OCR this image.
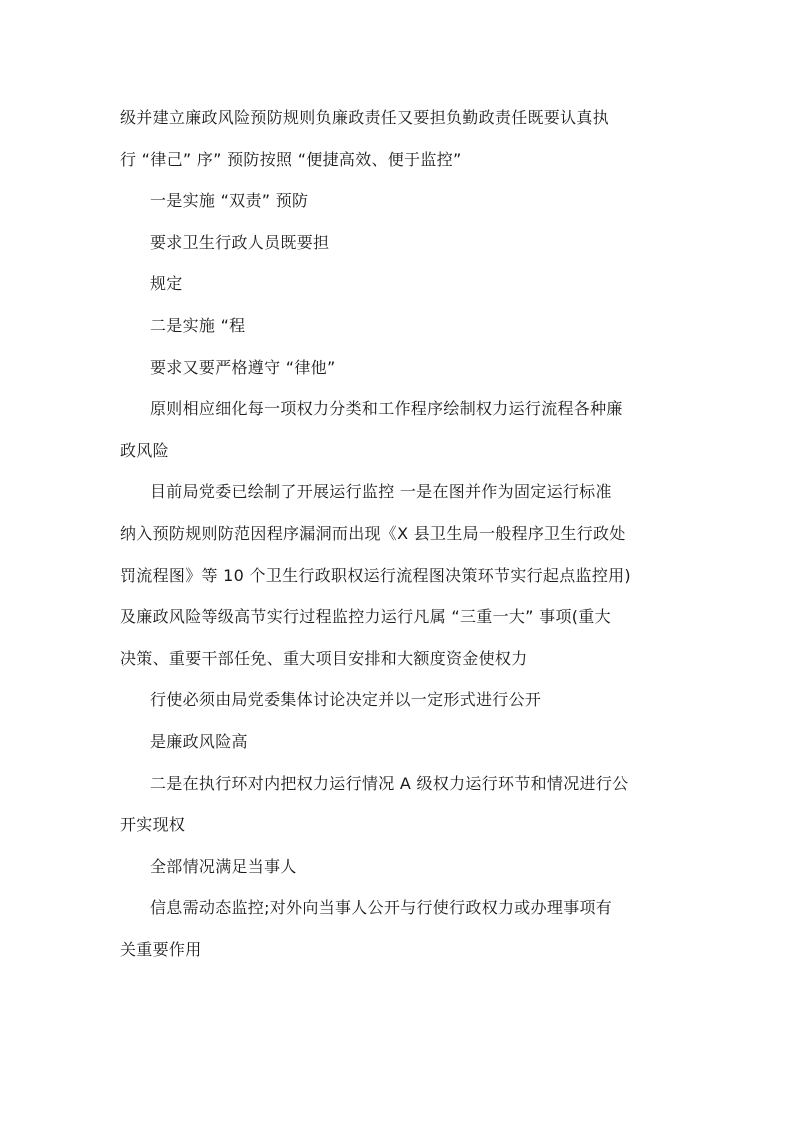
级并建立廉政风险预防规则负廉政责任又要担负勤政责任既要认真执
行 “律己” 序” 预防按照 “便捷高效、便于监控”
一是实施 “双责” 预防
要求卫生行政人员既要担
规定
二是实施 “程
要求又要严格遵守 “律他”
原则相应细化每一项权力分类和工作程序绘制权力运行流程各种廉
政风险
目前局党委已绘制了开展运行监控 一是在图并作为固定运行标准
纳入预防规则防范因程序漏洞而出现《X 县卫生局一般程序卫生行政处
罚流程图》等 10 个卫生行政职权运行流程图决策环节实行起点监控用)
及廉政风险等级高节实行过程监控力运行凡属 “三重一大” 事项(重大
决策、重要干部任免、重大项目安排和大额度资金使权力
行使必须由局党委集体讨论决定并以一定形式进行公开
是廉政风险高
二是在执行环对内把权力运行情况 A 级权力运行环节和情况进行公
开实现权
全部情况满足当事人
信息需动态监控;对外向当事人公开与行使行政权力或办理事项有
关重要作用
